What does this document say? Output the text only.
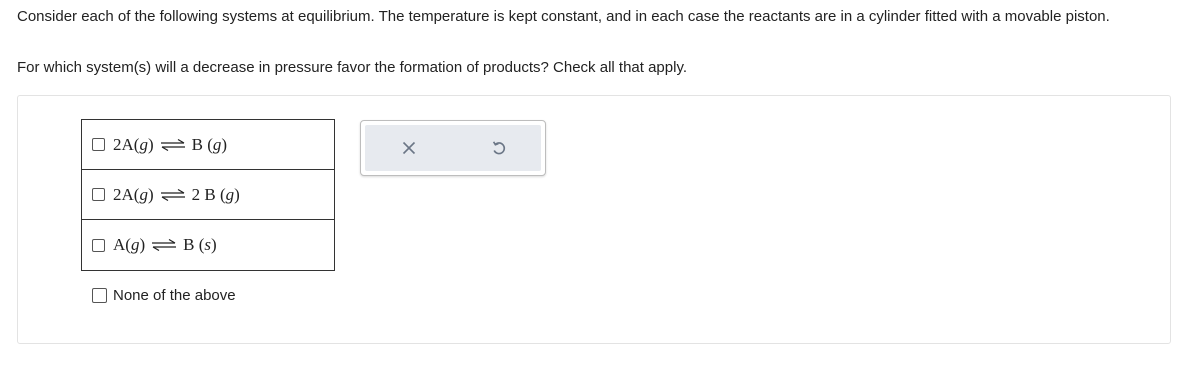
Consider each of the following systems at equilibrium. The temperature is kept constant, and in each case the reactants are in a cylinder fitted with a movable piston.

For which system(s) will a decrease in pressure favor the formation of products? Check all that apply.

2 A ( g ) ⇌ B ( g )
2 A ( g ) ⇌ 2
B ( g )
A ( g ) ⇌ B ( s )
None of the above
